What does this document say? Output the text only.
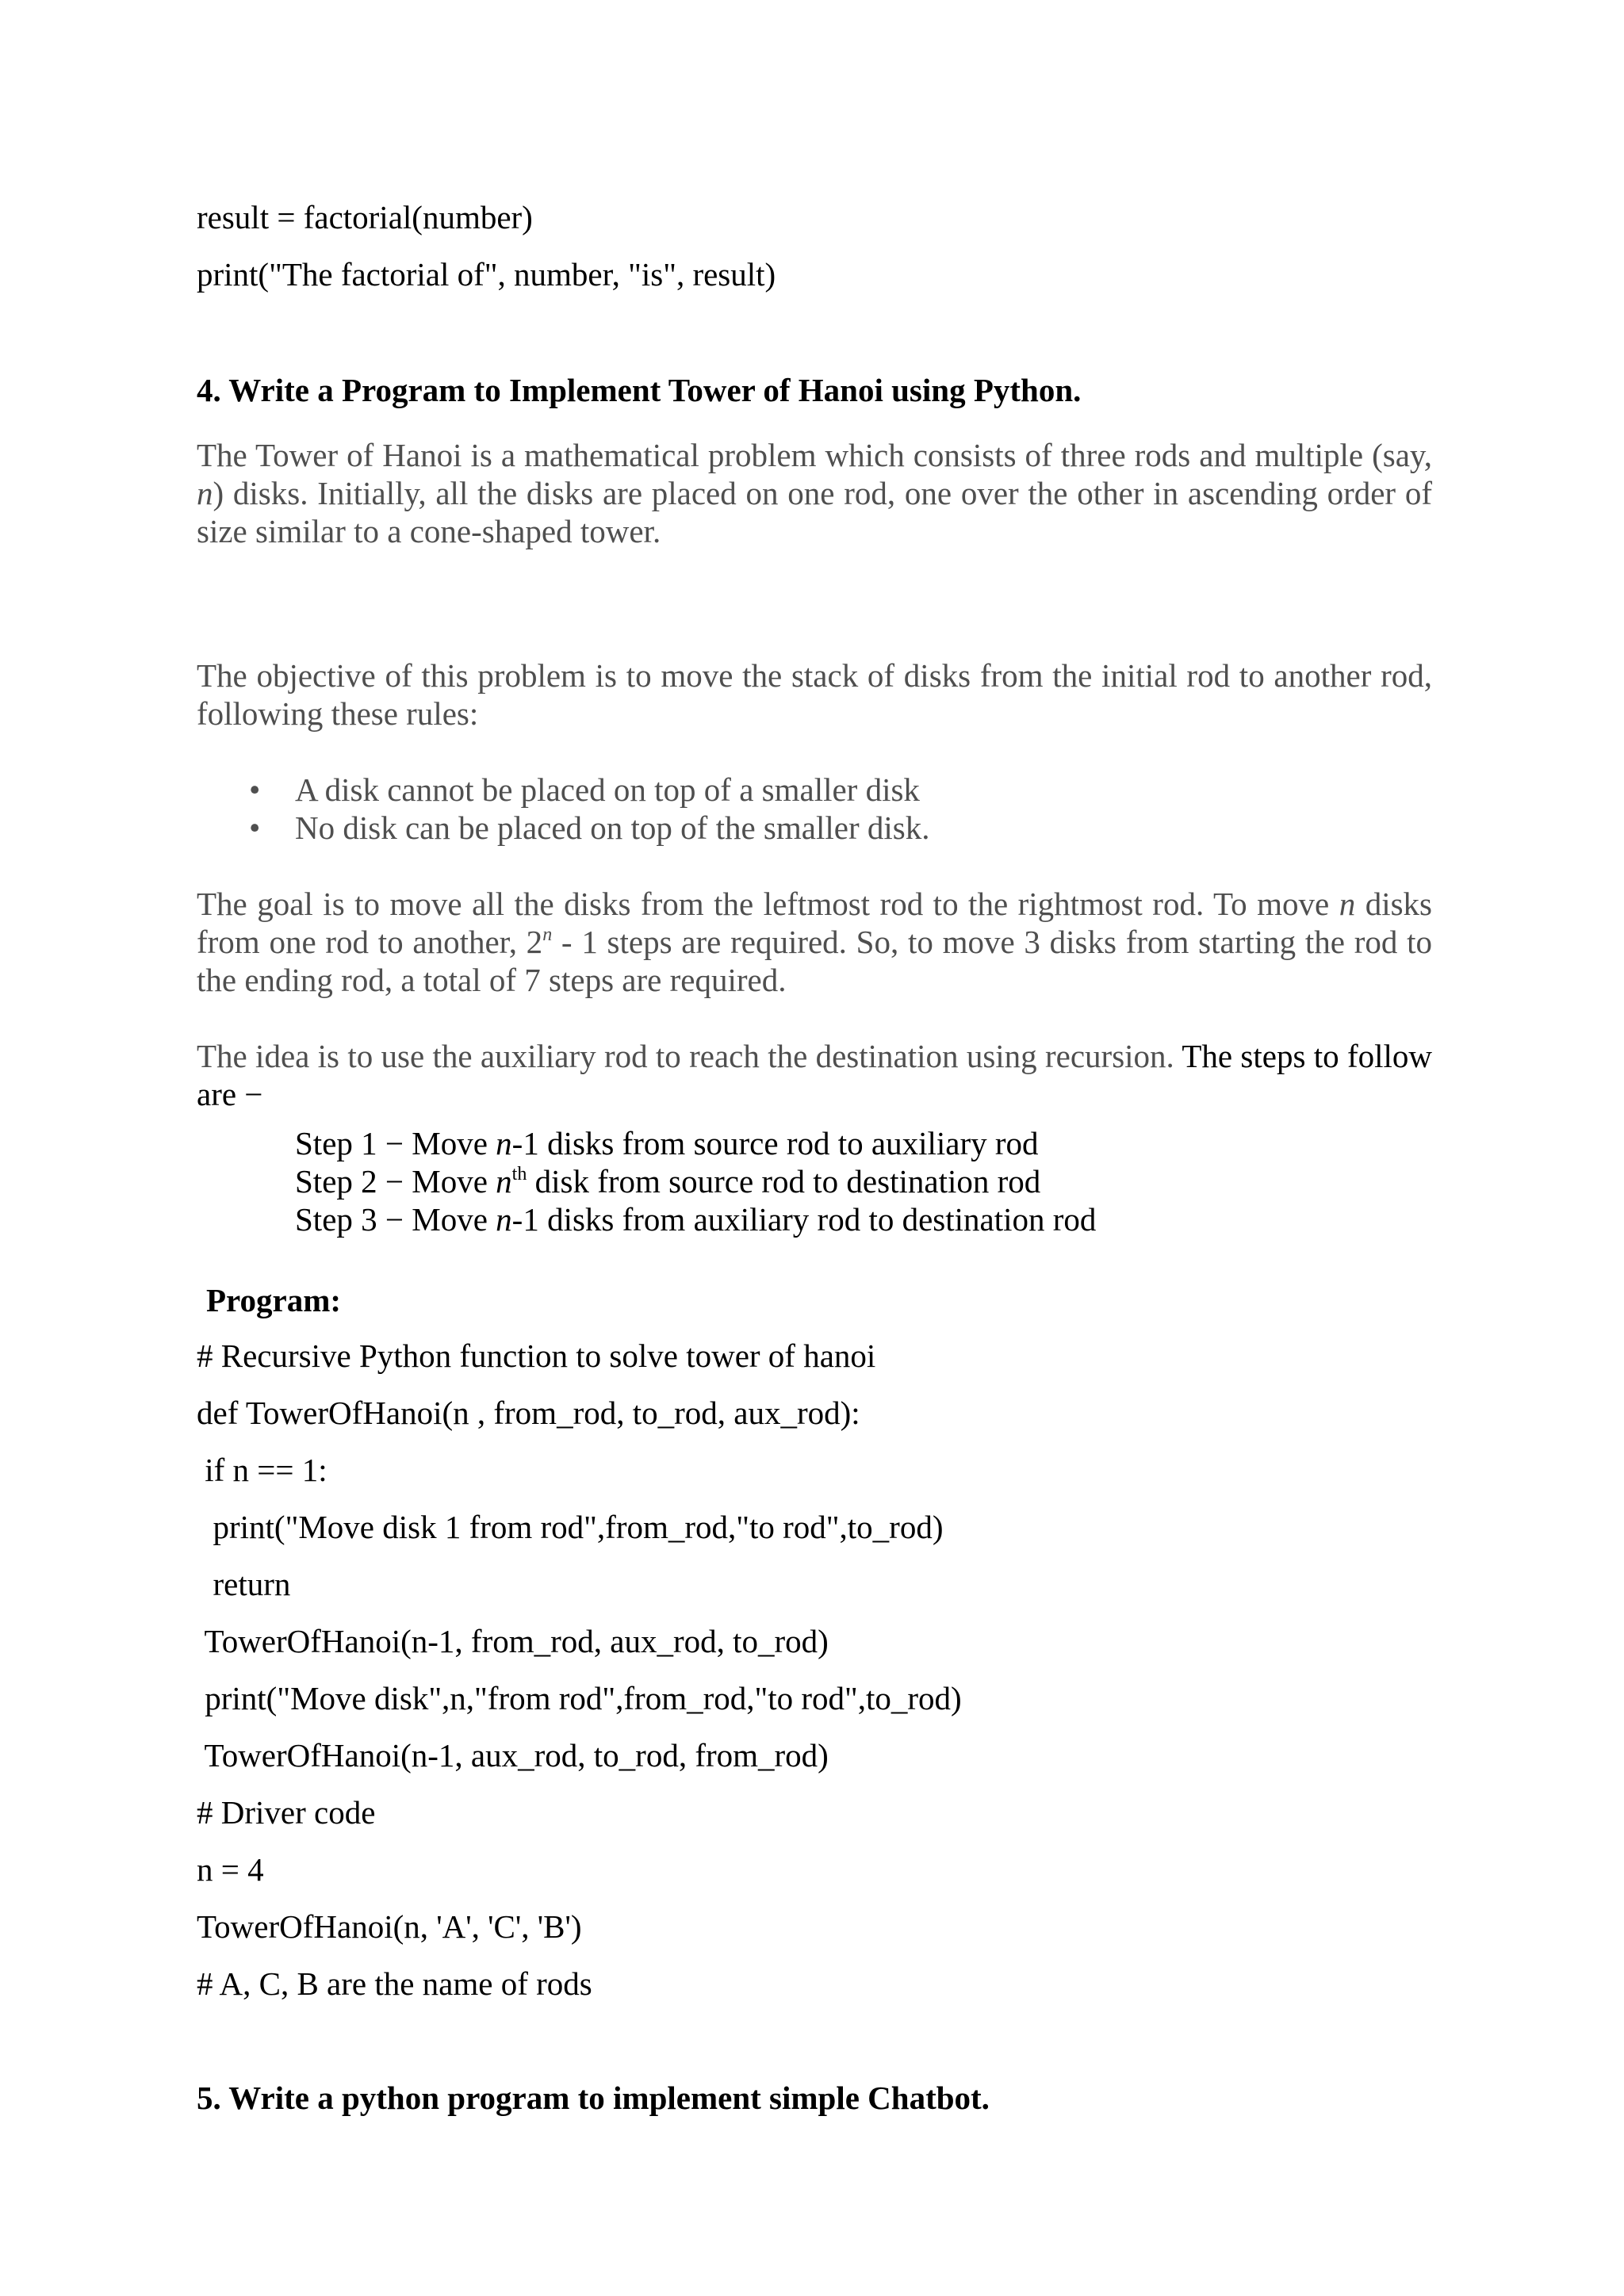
result = factorial(number)
print("The factorial of", number, "is", result)
4. Write a Program to Implement Tower of Hanoi using Python.
The Tower of Hanoi is a mathematical problem which consists of three rods and multiple (say, n) disks. Initially, all the disks are placed on one rod, one over the other in ascending order of size similar to a cone-shaped tower.
The objective of this problem is to move the stack of disks from the initial rod to another rod, following these rules:
• A disk cannot be placed on top of a smaller disk
• No disk can be placed on top of the smaller disk.
The goal is to move all the disks from the leftmost rod to the rightmost rod. To move n disks from one rod to another, 2$^n$ - 1 steps are required. So, to move 3 disks from starting the rod to the ending rod, a total of 7 steps are required.
The idea is to use the auxiliary rod to reach the destination using recursion. The steps to follow are −
Step 1 − Move n-1 disks from source rod to auxiliary rod
Step 2 − Move $n^{th}$ disk from source rod to destination rod
Step 3 − Move n-1 disks from auxiliary rod to destination rod
Program:
# Recursive Python function to solve tower of hanoi
def TowerOfHanoi(n , from_rod, to_rod, aux_rod):
if n == 1:
print("Move disk 1 from rod",from_rod,"to rod",to_rod)
return
TowerOfHanoi(n-1, from_rod, aux_rod, to_rod)
print("Move disk",n,"from rod",from_rod,"to rod",to_rod)
TowerOfHanoi(n-1, aux_rod, to_rod, from_rod)
# Driver code
n = 4
TowerOfHanoi(n, 'A', 'C', 'B')
# A, C, B are the name of rods
5. Write a python program to implement simple Chatbot.
